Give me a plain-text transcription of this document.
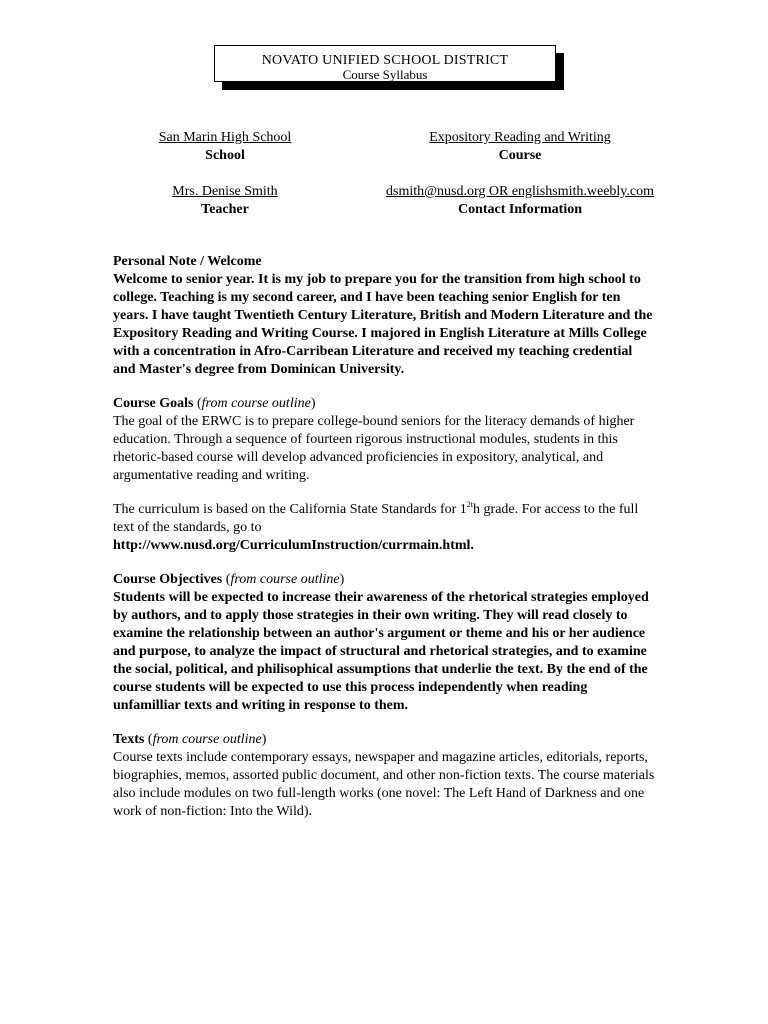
NOVATO UNIFIED SCHOOL DISTRICT
Course Syllabus
San Marin High School
School
Expository Reading and Writing
Course
Mrs. Denise Smith
Teacher
dsmith@nusd.org OR englishsmith.weebly.com
Contact Information

Personal Note / Welcome

Welcome to senior year. It is my job to prepare you for the transition from high school to college. Teaching is my second career, and I have been teaching senior English for ten years. I have taught Twentieth Century Literature, British and Modern Literature and the Expository Reading and Writing Course. I majored in English Literature at Mills College with a concentration in Afro-Carribean Literature and received my teaching credential and Master's degree from Dominican University.

Course Goals (from course outline)

The goal of the ERWC is to prepare college-bound seniors for the literacy demands of higher education. Through a sequence of fourteen rigorous instructional modules, students in this rhetoric-based course will develop advanced proficiencies in expository, analytical, and argumentative reading and writing.

The curriculum is based on the California State Standards for $1^{2t}h$ grade. For access to the full text of the standards, go to

http://www.nusd.org/CurriculumInstruction/currmain.html.

Course Objectives (from course outline)

Students will be expected to increase their awareness of the rhetorical strategies employed by authors, and to apply those strategies in their own writing. They will read closely to examine the relationship between an author's argument or theme and his or her audience and purpose, to analyze the impact of structural and rhetorical strategies, and to examine the social, political, and philisophical assumptions that underlie the text. By the end of the course students will be expected to use this process independently when reading unfamilliar texts and writing in response to them.

Texts (from course outline)

Course texts include contemporary essays, newspaper and magazine articles, editorials, reports, biographies, memos, assorted public document, and other non-fiction texts. The course materials also include modules on two full-length works (one novel: The Left Hand of Darkness and one work of non-fiction: Into the Wild).
